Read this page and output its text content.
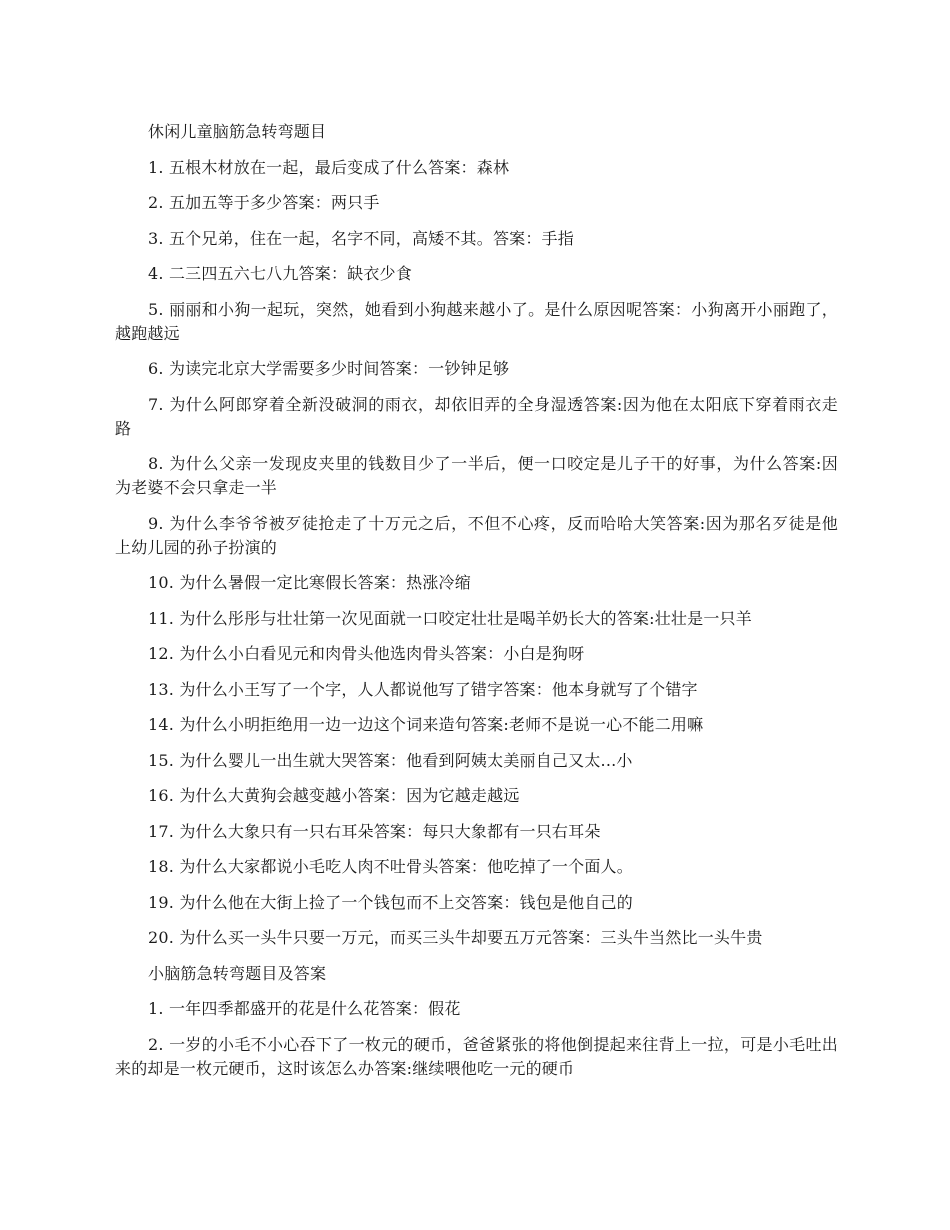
休闲儿童脑筋急转弯题目

1. 五根木材放在一起，最后变成了什么答案：森林

2. 五加五等于多少答案：两只手

3. 五个兄弟，住在一起，名字不同，高矮不其。答案：手指

4. 二三四五六七八九答案：缺衣少食

5. 丽丽和小狗一起玩，突然，她看到小狗越来越小了。是什么原因呢答案：小狗离开小丽跑了，越跑越远

6. 为读完北京大学需要多少时间答案：一钞钟足够

7. 为什么阿郎穿着全新没破洞的雨衣，却依旧弄的全身湿透答案:因为他在太阳底下穿着雨衣走路

8. 为什么父亲一发现皮夹里的钱数目少了一半后，便一口咬定是儿子干的好事，为什么答案:因为老婆不会只拿走一半

9. 为什么李爷爷被歹徒抢走了十万元之后，不但不心疼，反而哈哈大笑答案:因为那名歹徒是他上幼儿园的孙子扮演的

10. 为什么暑假一定比寒假长答案：热涨冷缩

11. 为什么彤彤与壮壮第一次见面就一口咬定壮壮是喝羊奶长大的答案:壮壮是一只羊

12. 为什么小白看见元和肉骨头他选肉骨头答案：小白是狗呀

13. 为什么小王写了一个字，人人都说他写了错字答案：他本身就写了个错字

14. 为什么小明拒绝用一边一边这个词来造句答案:老师不是说一心不能二用嘛

15. 为什么婴儿一出生就大哭答案：他看到阿姨太美丽自己又太...小

16. 为什么大黄狗会越变越小答案：因为它越走越远

17. 为什么大象只有一只右耳朵答案：每只大象都有一只右耳朵

18. 为什么大家都说小毛吃人肉不吐骨头答案：他吃掉了一个面人。

19. 为什么他在大街上捡了一个钱包而不上交答案：钱包是他自己的

20. 为什么买一头牛只要一万元，而买三头牛却要五万元答案：三头牛当然比一头牛贵

小脑筋急转弯题目及答案

1. 一年四季都盛开的花是什么花答案：假花

2. 一岁的小毛不小心吞下了一枚元的硬币，爸爸紧张的将他倒提起来往背上一拉，可是小毛吐出来的却是一枚元硬币，这时该怎么办答案:继续喂他吃一元的硬币
